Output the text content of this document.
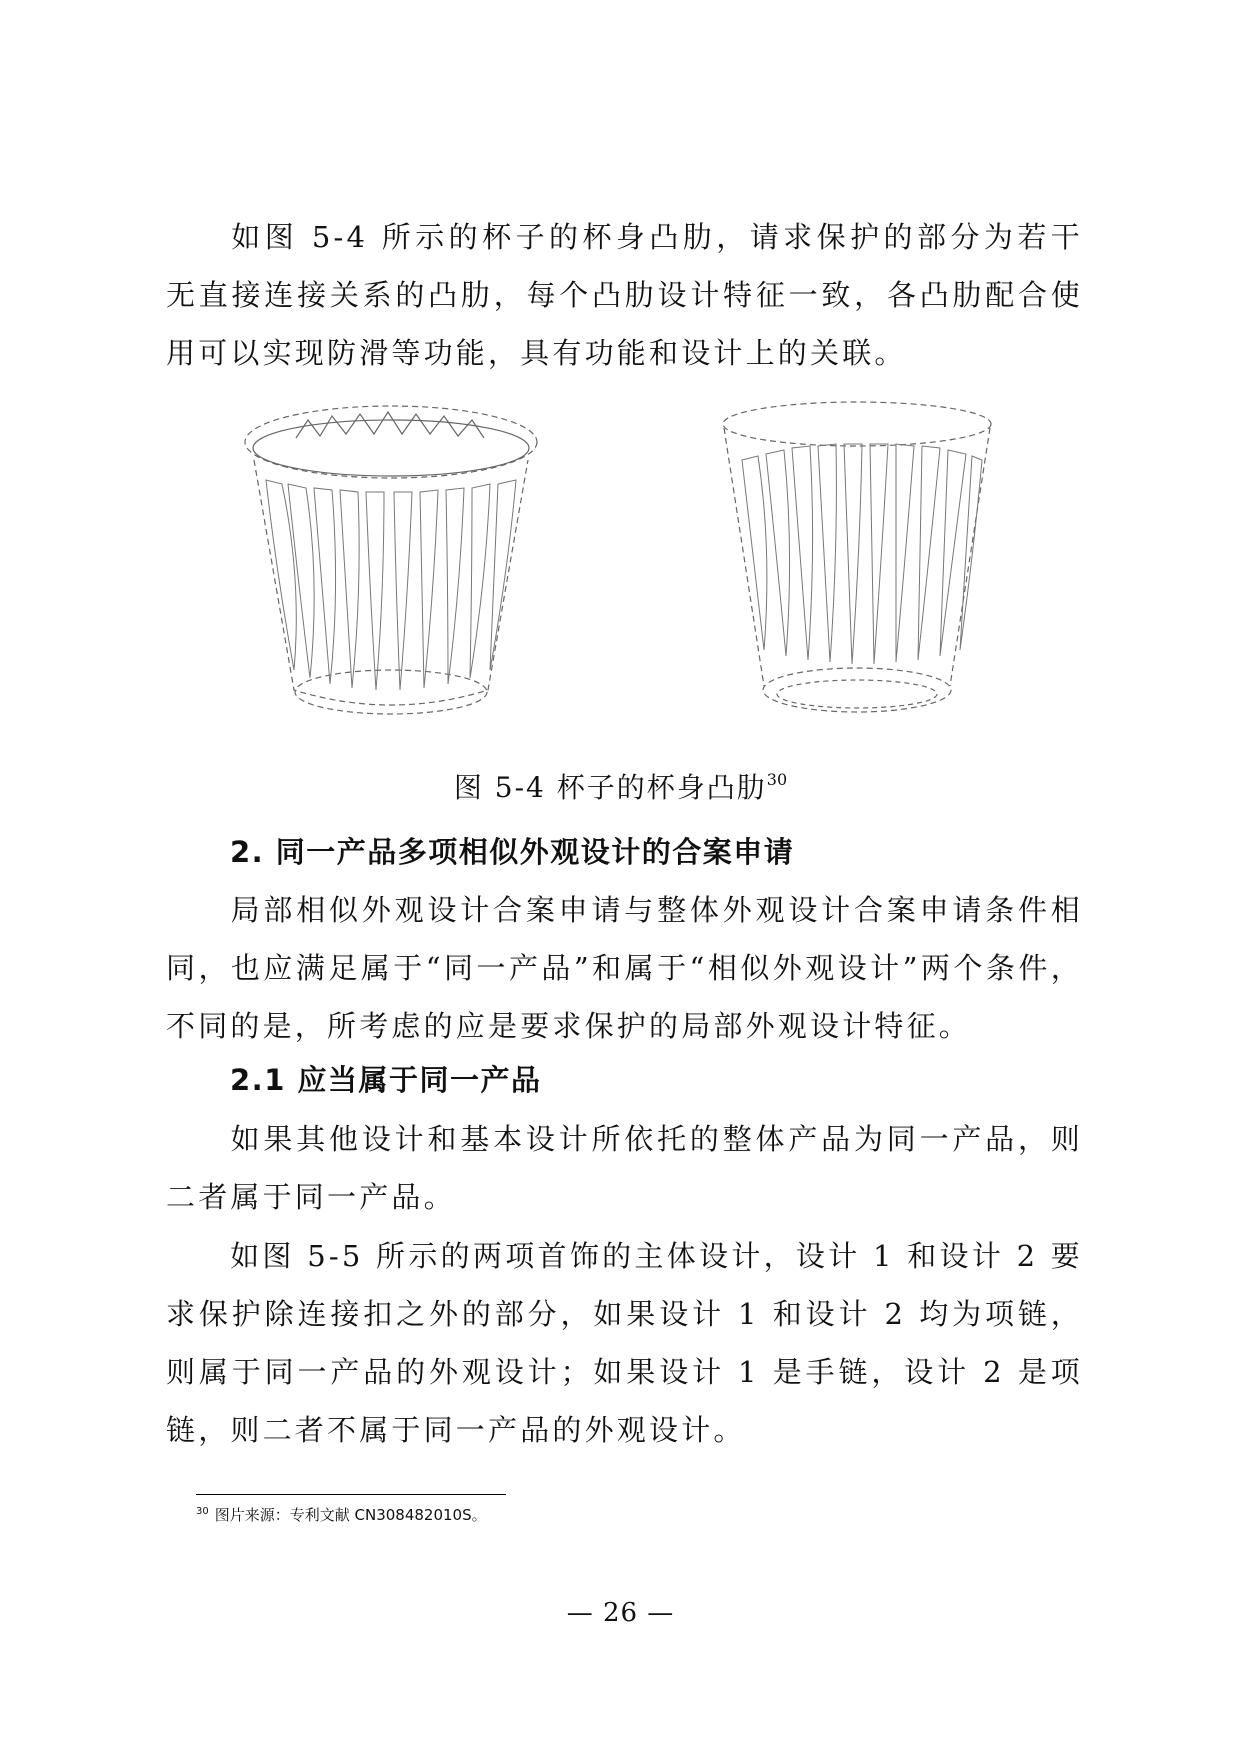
如图 5-4 所示的杯子的杯身凸肋，请求保护的部分为若干无直接连接关系的凸肋，每个凸肋设计特征一致，各凸肋配合使用可以实现防滑等功能，具有功能和设计上的关联。
图 5-4 杯子的杯身凸肋$^{30}$
2. 同一产品多项相似外观设计的合案申请
局部相似外观设计合案申请与整体外观设计合案申请条件相同，也应满足属于“同一产品”和属于“相似外观设计”两个条件，不同的是，所考虑的应是要求保护的局部外观设计特征。
2.1 应当属于同一产品
如果其他设计和基本设计所依托的整体产品为同一产品，则二者属于同一产品。
如图 5-5 所示的两项首饰的主体设计，设计 1 和设计 2 要求保护除连接扣之外的部分，如果设计 1 和设计 2 均为项链，则属于同一产品的外观设计；如果设计 1 是手链，设计 2 是项链，则二者不属于同一产品的外观设计。
$^{30}$ 图片来源：专利文献 CN308482010S。
— 26 —
